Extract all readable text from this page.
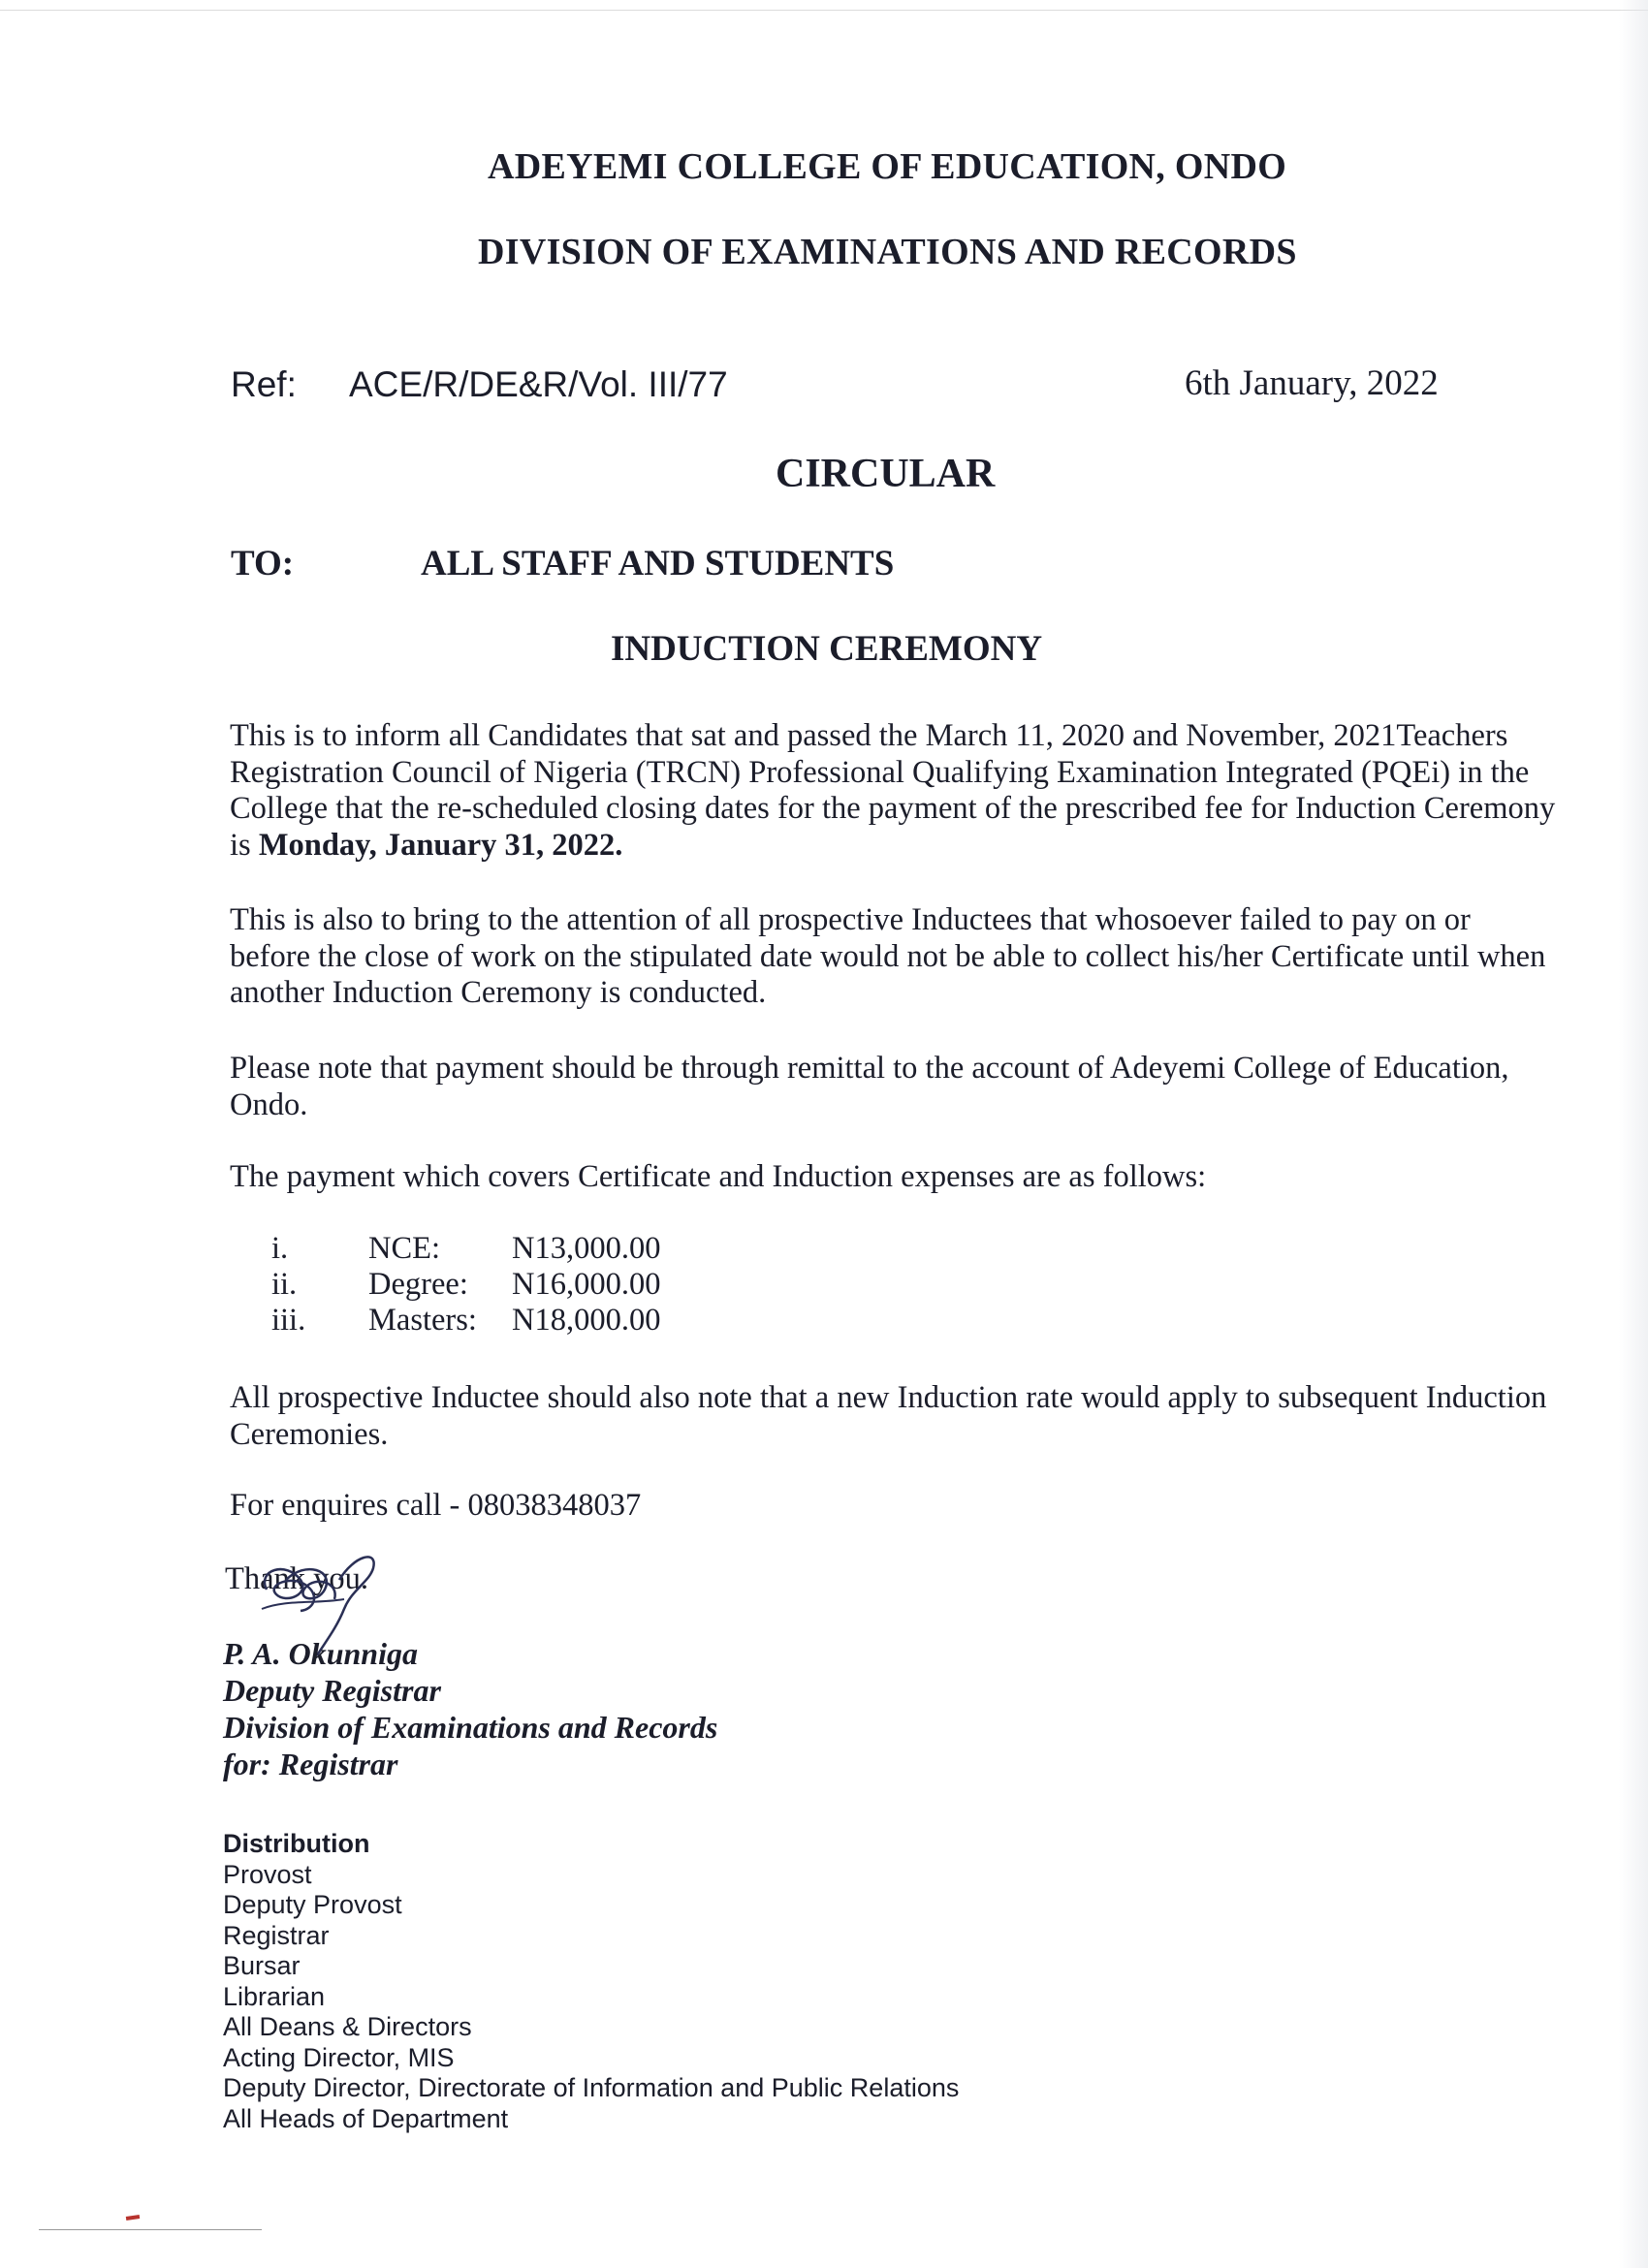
ADEYEMI COLLEGE OF EDUCATION, ONDO
DIVISION OF EXAMINATIONS AND RECORDS
Ref: ACE/R/DE&R/Vol. III/77	6th January, 2022
CIRCULAR
TO:	ALL STAFF AND STUDENTS
INDUCTION CEREMONY
This is to inform all Candidates that sat and passed the March 11, 2020 and November, 2021Teachers Registration Council of Nigeria (TRCN) Professional Qualifying Examination Integrated (PQEi) in the College that the re-scheduled closing dates for the payment of the prescribed fee for Induction Ceremony is Monday, January 31, 2022.
This is also to bring to the attention of all prospective Inductees that whosoever failed to pay on or before the close of work on the stipulated date would not be able to collect his/her Certificate until when another Induction Ceremony is conducted.
Please note that payment should be through remittal to the account of Adeyemi College of Education, Ondo.
The payment which covers Certificate and Induction expenses are as follows:
i.	NCE: N13,000.00
ii. Degree: N16,000.00
iii. Masters: N18,000.00
All prospective Inductee should also note that a new Induction rate would apply to subsequent Induction Ceremonies.
For enquires call - 08038348037
Thank you.
P. A. Okunniga
Deputy Registrar
Division of Examinations and Records
for: Registrar
Distribution
Provost
Deputy Provost
Registrar
Bursar
Librarian
All Deans & Directors
Acting Director, MIS
Deputy Director, Directorate of Information and Public Relations
All Heads of Department
